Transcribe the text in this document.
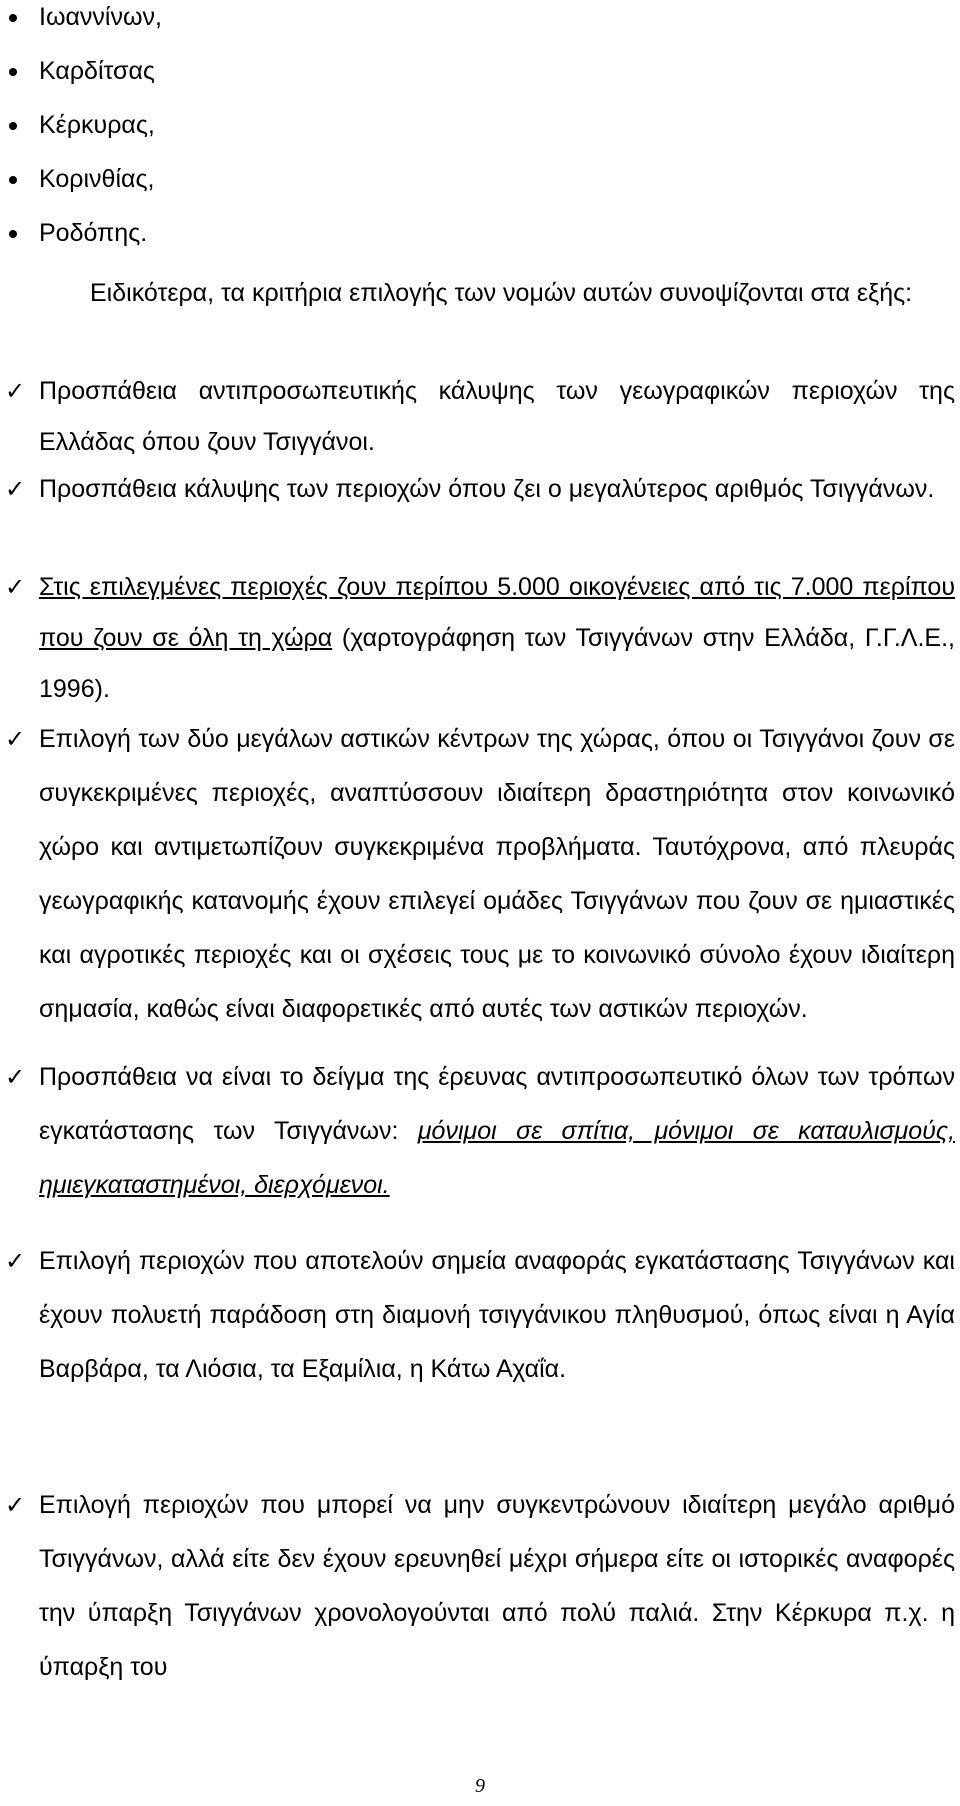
Ιωαννίνων,
Καρδίτσας
Κέρκυρας,
Κορινθίας,
Ροδόπης.

Ειδικότερα, τα κριτήρια επιλογής των νομών αυτών συνοψίζονται στα εξής:

✓ Προσπάθεια αντιπροσωπευτικής κάλυψης των γεωγραφικών περιοχών της Ελλάδας όπου ζουν Τσιγγάνοι.
✓ Προσπάθεια κάλυψης των περιοχών όπου ζει ο μεγαλύτερος αριθμός Τσιγγάνων.
✓ Στις επιλεγμένες περιοχές ζουν περίπου 5.000 οικογένειες από τις 7.000 περίπου που ζουν σε όλη τη χώρα (χαρτογράφηση των Τσιγγάνων στην Ελλάδα, Γ.Γ.Λ.Ε., 1996).
✓ Επιλογή των δύο μεγάλων αστικών κέντρων της χώρας, όπου οι Τσιγγάνοι ζουν σε συγκεκριμένες περιοχές, αναπτύσσουν ιδιαίτερη δραστηριότητα στον κοινωνικό χώρο και αντιμετωπίζουν συγκεκριμένα προβλήματα. Ταυτόχρονα, από πλευράς γεωγραφικής κατανομής έχουν επιλεγεί ομάδες Τσιγγάνων που ζουν σε ημιαστικές και αγροτικές περιοχές και οι σχέσεις τους με το κοινωνικό σύνολο έχουν ιδιαίτερη σημασία, καθώς είναι διαφορετικές από αυτές των αστικών περιοχών.
✓ Προσπάθεια να είναι το δείγμα της έρευνας αντιπροσωπευτικό όλων των τρόπων εγκατάστασης των Τσιγγάνων: μόνιμοι σε σπίτια, μόνιμοι σε καταυλισμούς, ημιεγκαταστημένοι, διερχόμενοι.
✓ Επιλογή περιοχών που αποτελούν σημεία αναφοράς εγκατάστασης Τσιγγάνων και έχουν πολυετή παράδοση στη διαμονή τσιγγάνικου πληθυσμού, όπως είναι η Αγία Βαρβάρα, τα Λιόσια, τα Εξαμίλια, η Κάτω Αχαΐα.
✓ Επιλογή περιοχών που μπορεί να μην συγκεντρώνουν ιδιαίτερη μεγάλο αριθμό Τσιγγάνων, αλλά είτε δεν έχουν ερευνηθεί μέχρι σήμερα είτε οι ιστορικές αναφορές την ύπαρξη Τσιγγάνων χρονολογούνται από πολύ παλιά. Στην Κέρκυρα π.χ. η ύπαρξη του
9
